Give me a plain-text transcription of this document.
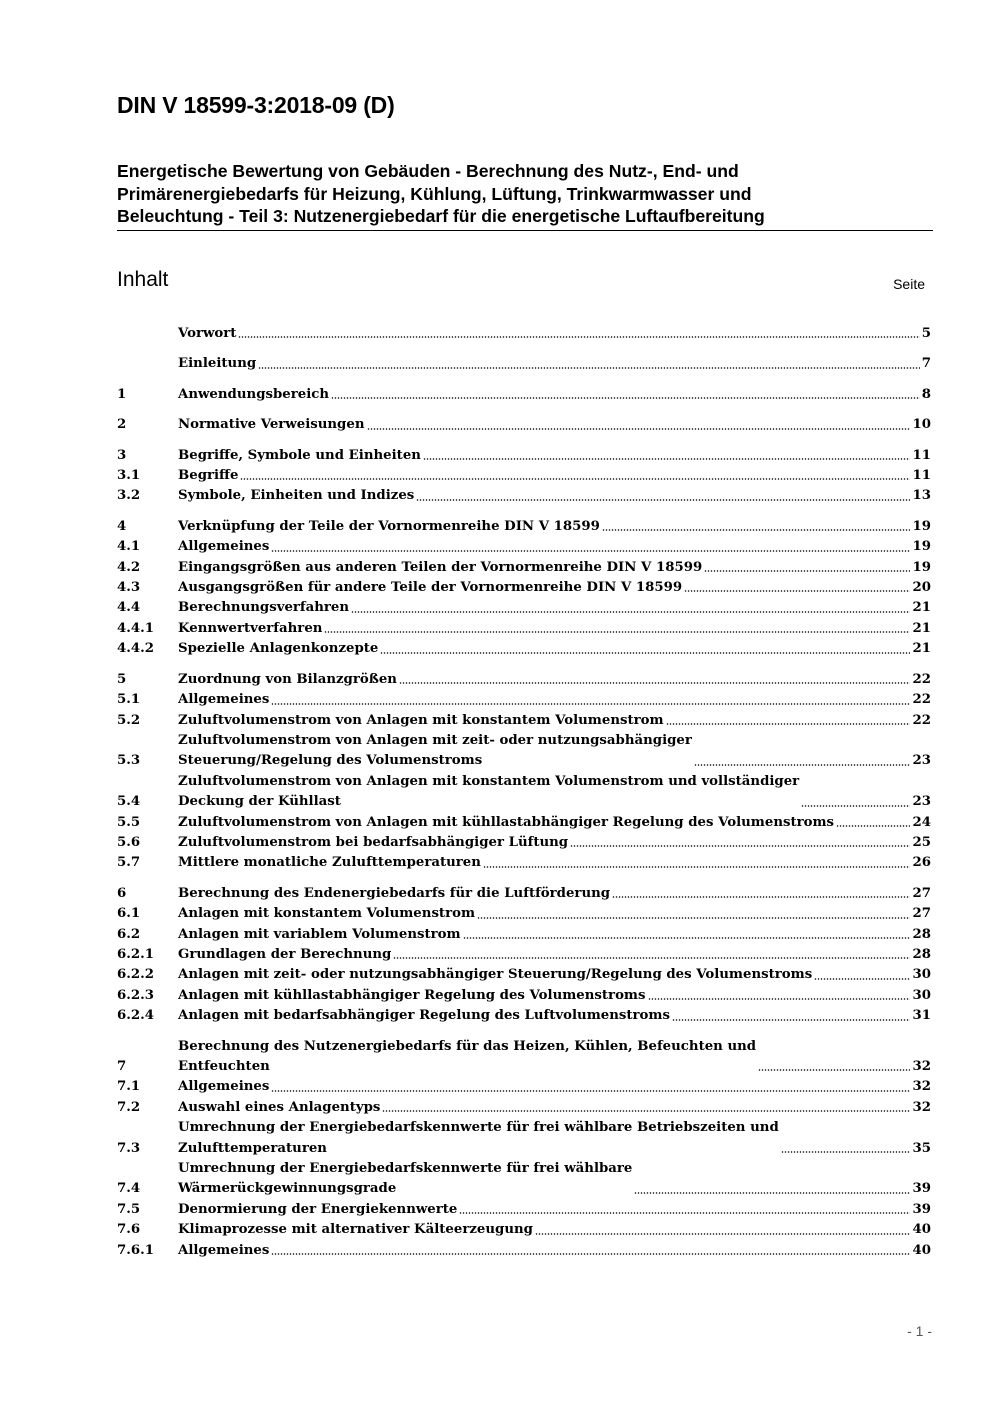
DIN V 18599-3:2018-09 (D)
Energetische Bewertung von Gebäuden - Berechnung des Nutz-, End- und
Primärenergiebedarfs für Heizung, Kühlung, Lüftung, Trinkwarmwasser und
Beleuchtung - Teil 3: Nutzenergiebedarf für die energetische Luftaufbereitung
Inhalt	Seite
Vorwort	5
Einleitung	7
1	Anwendungsbereich	8
2	Normative Verweisungen	10
3	Begriffe, Symbole und Einheiten	11
3.1	Begriffe	11
3.2	Symbole, Einheiten und Indizes	13
4	Verknüpfung der Teile der Vornormenreihe DIN V 18599	19
4.1	Allgemeines	19
4.2	Eingangsgrößen aus anderen Teilen der Vornormenreihe DIN V 18599	19
4.3	Ausgangsgrößen für andere Teile der Vornormenreihe DIN V 18599	20
4.4	Berechnungsverfahren	21
4.4.1	Kennwertverfahren	21
4.4.2	Spezielle Anlagenkonzepte	21
5	Zuordnung von Bilanzgrößen	22
5.1	Allgemeines	22
5.2	Zuluftvolumenstrom von Anlagen mit konstantem Volumenstrom	22
5.3
Zuluftvolumenstrom von Anlagen mit zeit- oder nutzungsabhängiger
Steuerung/Regelung des Volumenstroms	23
5.4
Zuluftvolumenstrom von Anlagen mit konstantem Volumenstrom und vollständiger
Deckung der Kühllast	23
5.5	Zuluftvolumenstrom von Anlagen mit kühllastabhängiger Regelung des Volumenstroms	24
5.6	Zuluftvolumenstrom bei bedarfsabhängiger Lüftung	25
5.7	Mittlere monatliche Zulufttemperaturen	26
6	Berechnung des Endenergiebedarfs für die Luftförderung	27
6.1	Anlagen mit konstantem Volumenstrom	27
6.2	Anlagen mit variablem Volumenstrom	28
6.2.1	Grundlagen der Berechnung	28
6.2.2	Anlagen mit zeit- oder nutzungsabhängiger Steuerung/Regelung des Volumenstroms	30
6.2.3	Anlagen mit kühllastabhängiger Regelung des Volumenstroms	30
6.2.4	Anlagen mit bedarfsabhängiger Regelung des Luftvolumenstroms	31
7
Berechnung des Nutzenergiebedarfs für das Heizen, Kühlen, Befeuchten und
Entfeuchten	32
7.1	Allgemeines	32
7.2	Auswahl eines Anlagentyps	32
7.3
Umrechnung der Energiebedarfskennwerte für frei wählbare Betriebszeiten und
Zulufttemperaturen	35
7.4
Umrechnung der Energiebedarfskennwerte für frei wählbare
Wärmerückgewinnungsgrade	39
7.5	Denormierung der Energiekennwerte	39
7.6	Klimaprozesse mit alternativer Kälteerzeugung	40
7.6.1	Allgemeines	40
- 1 -
